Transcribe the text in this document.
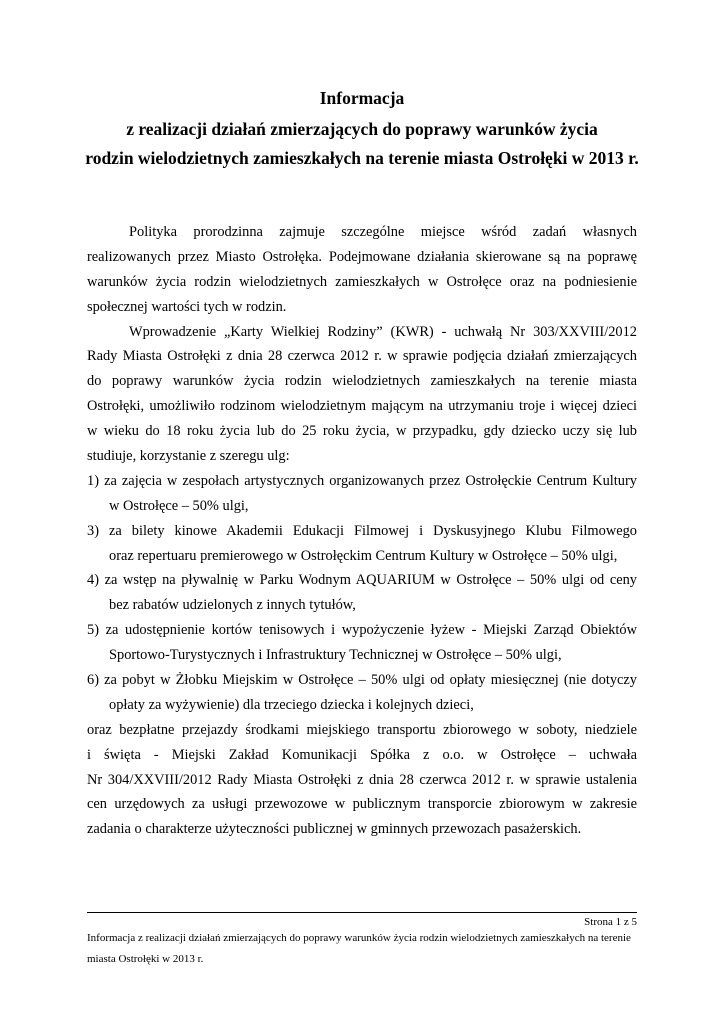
Informacja
z realizacji działań zmierzających do poprawy warunków życia
rodzin wielodzietnych zamieszkałych na terenie miasta Ostrołęki w 2013 r.
Polityka prorodzinna zajmuje szczególne miejsce wśród zadań własnych
realizowanych przez Miasto Ostrołęka. Podejmowane działania skierowane są na poprawę
warunków życia rodzin wielodzietnych zamieszkałych w Ostrołęce oraz na podniesienie
społecznej wartości tych w rodzin.
Wprowadzenie „Karty Wielkiej Rodziny” (KWR) - uchwałą Nr 303/XXVIII/2012
Rady Miasta Ostrołęki z dnia 28 czerwca 2012 r. w sprawie podjęcia działań zmierzających
do poprawy warunków życia rodzin wielodzietnych zamieszkałych na terenie miasta
Ostrołęki, umożliwiło rodzinom wielodzietnym mającym na utrzymaniu troje i więcej dzieci
w wieku do 18 roku życia lub do 25 roku życia, w przypadku, gdy dziecko uczy się lub
studiuje, korzystanie z szeregu ulg:
1) za zajęcia w zespołach artystycznych organizowanych przez Ostrołęckie Centrum Kultury
w Ostrołęce – 50% ulgi,
3) za bilety kinowe Akademii Edukacji Filmowej i Dyskusyjnego Klubu Filmowego
oraz repertuaru premierowego w Ostrołęckim Centrum Kultury w Ostrołęce – 50% ulgi,
4) za wstęp na pływalnię w Parku Wodnym AQUARIUM w Ostrołęce – 50% ulgi od ceny
bez rabatów udzielonych z innych tytułów,
5) za udostępnienie kortów tenisowych i wypożyczenie łyżew - Miejski Zarząd Obiektów
Sportowo-Turystycznych i Infrastruktury Technicznej w Ostrołęce – 50% ulgi,
6) za pobyt w Żłobku Miejskim w Ostrołęce – 50% ulgi od opłaty miesięcznej (nie dotyczy
opłaty za wyżywienie) dla trzeciego dziecka i kolejnych dzieci,
oraz bezpłatne przejazdy środkami miejskiego transportu zbiorowego w soboty, niedziele
i święta - Miejski Zakład Komunikacji Spółka z o.o. w Ostrołęce – uchwała
Nr 304/XXVIII/2012 Rady Miasta Ostrołęki z dnia 28 czerwca 2012 r. w sprawie ustalenia
cen urzędowych za usługi przewozowe w publicznym transporcie zbiorowym w zakresie
zadania o charakterze użyteczności publicznej w gminnych przewozach pasażerskich.
Strona 1 z 5
Informacja z realizacji działań zmierzających do poprawy warunków życia rodzin wielodzietnych zamieszkałych na terenie
miasta Ostrołęki w 2013 r.
